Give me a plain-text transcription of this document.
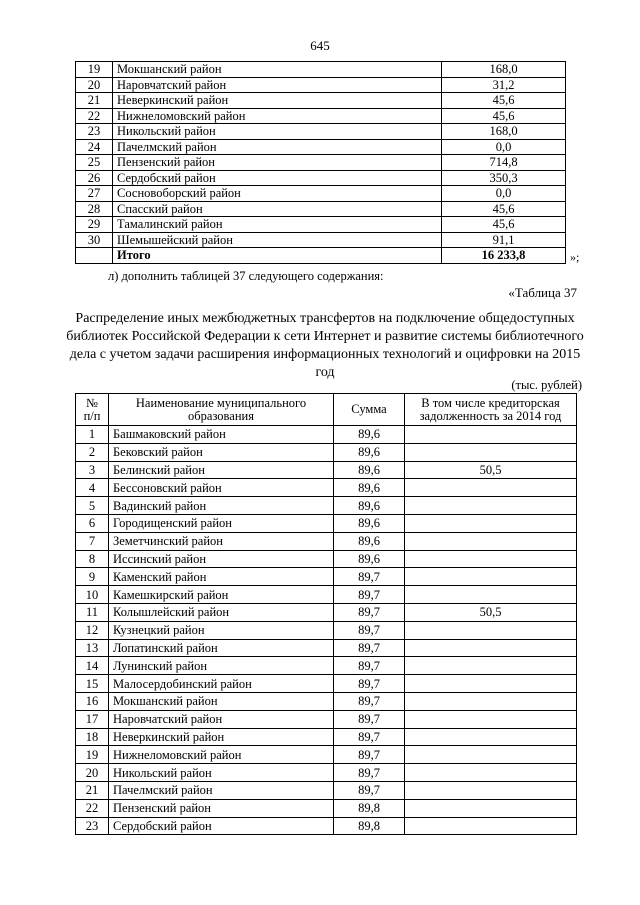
645
19	Мокшанский район	168,0
20	Наровчатский район	31,2
21	Неверкинский район	45,6
22	Нижнеломовский район	45,6
23	Никольский район	168,0
24	Пачелмский район	0,0
25	Пензенский район	714,8
26	Сердобский район	350,3
27	Сосновоборский район	0,0
28	Спасский район	45,6
29	Тамалинский район	45,6
30	Шемышейский район	91,1
	Итого	16 233,8	»;
л) дополнить таблицей 37 следующего содержания:
«Таблица 37
Распределение иных межбюджетных трансфертов на подключение общедоступных библиотек Российской Федерации к сети Интернет и развитие системы библиотечного дела с учетом задачи расширения информационных технологий и оцифровки на 2015 год
(тыс. рублей)
№ п/п	Наименование муниципального образования	Сумма	В том числе кредиторская задолженность за 2014 год
1	Башмаковский район	89,6	
2	Бековский район	89,6	
3	Белинский район	89,6	50,5
4	Бессоновский район	89,6	
5	Вадинский район	89,6	
6	Городищенский район	89,6	
7	Земетчинский район	89,6	
8	Иссинский район	89,6	
9	Каменский район	89,7	
10	Камешкирский район	89,7	
11	Колышлейский район	89,7	50,5
12	Кузнецкий район	89,7	
13	Лопатинский район	89,7	
14	Лунинский район	89,7	
15	Малосердобинский район	89,7	
16	Мокшанский район	89,7	
17	Наровчатский район	89,7	
18	Неверкинский район	89,7	
19	Нижнеломовский район	89,7	
20	Никольский район	89,7	
21	Пачелмский район	89,7	
22	Пензенский район	89,8	
23	Сердобский район	89,8	
